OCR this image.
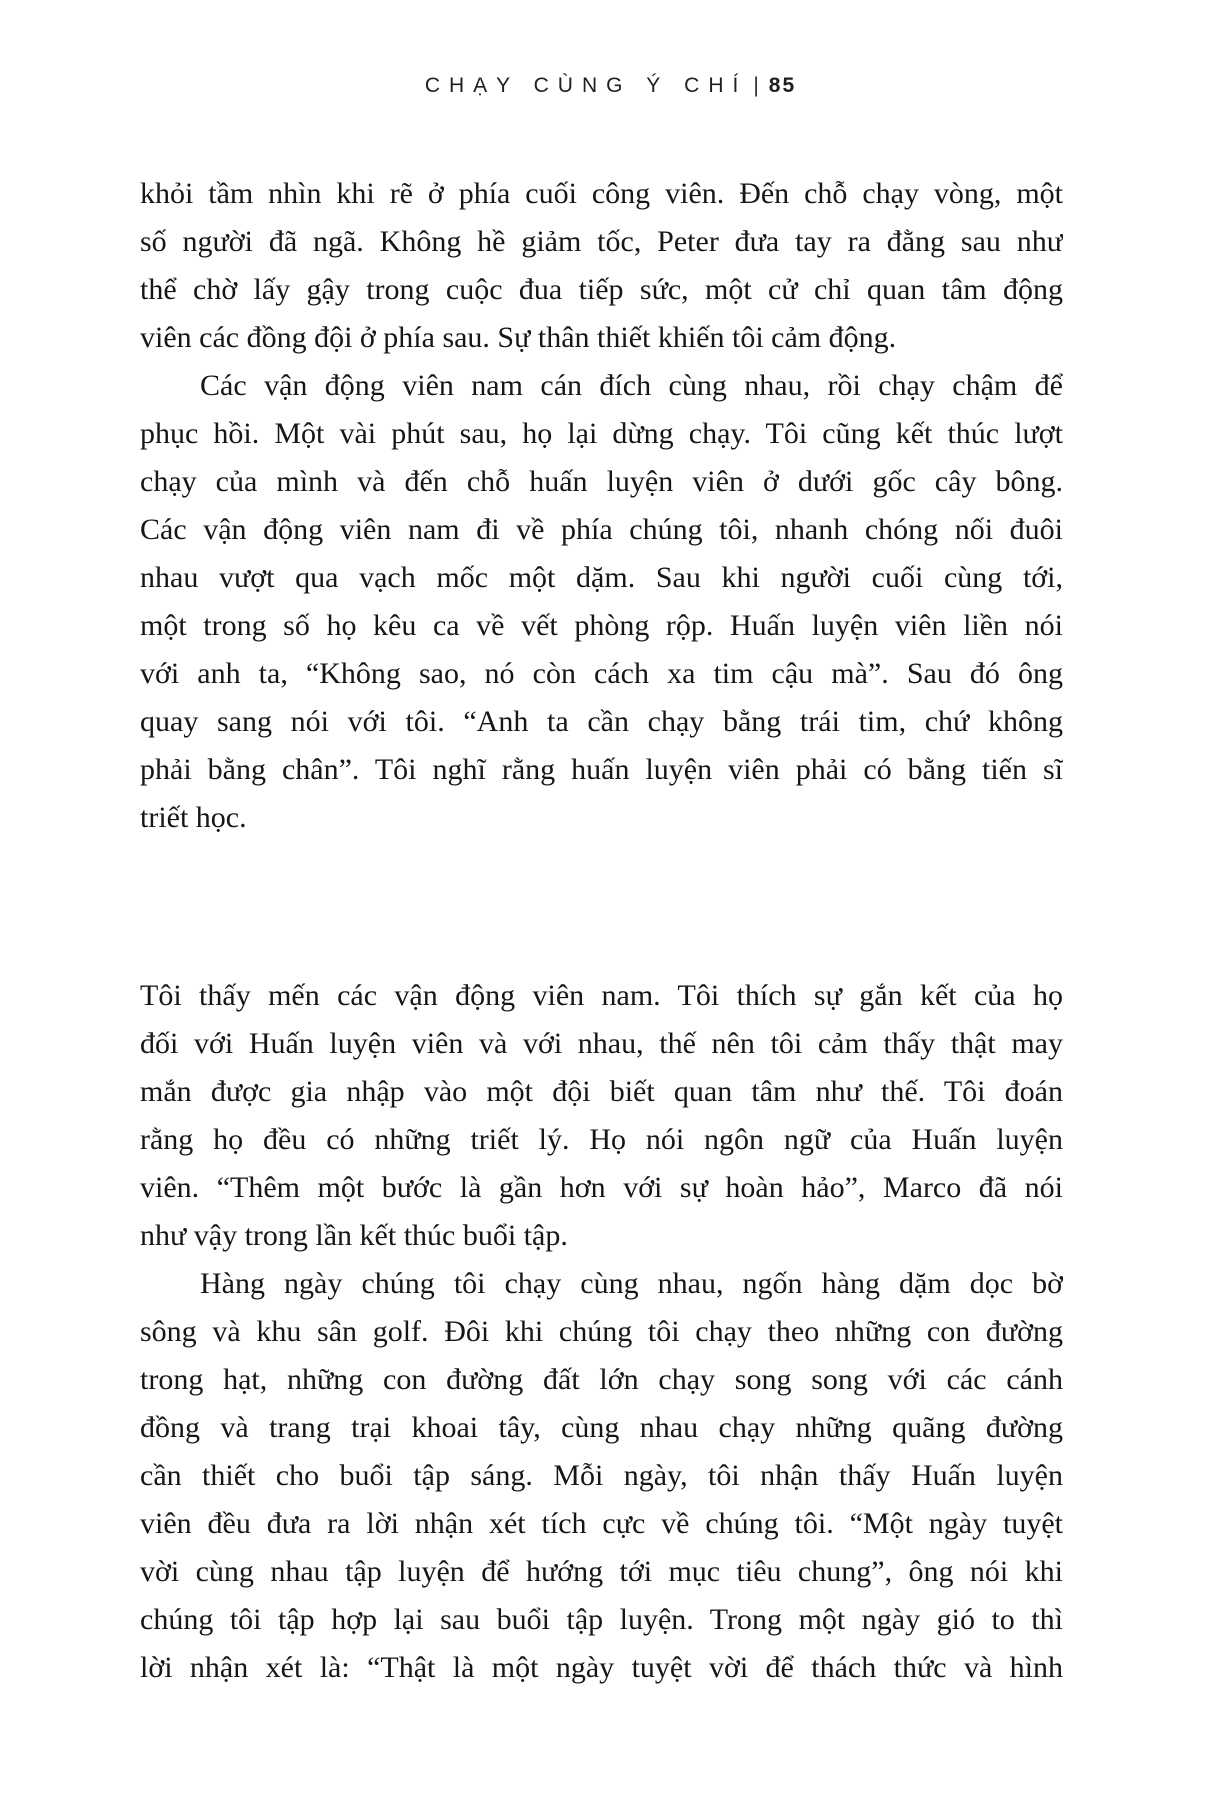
CHẠY CÙNG Ý CHÍ | 85
khỏi tầm nhìn khi rẽ ở phía cuối công viên. Đến chỗ chạy vòng, một
số người đã ngã. Không hề giảm tốc, Peter đưa tay ra đằng sau như
thể chờ lấy gậy trong cuộc đua tiếp sức, một cử chỉ quan tâm động
viên các đồng đội ở phía sau. Sự thân thiết khiến tôi cảm động.
Các vận động viên nam cán đích cùng nhau, rồi chạy chậm để
phục hồi. Một vài phút sau, họ lại dừng chạy. Tôi cũng kết thúc lượt
chạy của mình và đến chỗ huấn luyện viên ở dưới gốc cây bông.
Các vận động viên nam đi về phía chúng tôi, nhanh chóng nối đuôi
nhau vượt qua vạch mốc một dặm. Sau khi người cuối cùng tới,
một trong số họ kêu ca về vết phòng rộp. Huấn luyện viên liền nói
với anh ta, “Không sao, nó còn cách xa tim cậu mà”. Sau đó ông
quay sang nói với tôi. “Anh ta cần chạy bằng trái tim, chứ không
phải bằng chân”. Tôi nghĩ rằng huấn luyện viên phải có bằng tiến sĩ
triết học.
Tôi thấy mến các vận động viên nam. Tôi thích sự gắn kết của họ
đối với Huấn luyện viên và với nhau, thế nên tôi cảm thấy thật may
mắn được gia nhập vào một đội biết quan tâm như thế. Tôi đoán
rằng họ đều có những triết lý. Họ nói ngôn ngữ của Huấn luyện
viên. “Thêm một bước là gần hơn với sự hoàn hảo”, Marco đã nói
như vậy trong lần kết thúc buổi tập.
Hàng ngày chúng tôi chạy cùng nhau, ngốn hàng dặm dọc bờ
sông và khu sân golf. Đôi khi chúng tôi chạy theo những con đường
trong hạt, những con đường đất lớn chạy song song với các cánh
đồng và trang trại khoai tây, cùng nhau chạy những quãng đường
cần thiết cho buổi tập sáng. Mỗi ngày, tôi nhận thấy Huấn luyện
viên đều đưa ra lời nhận xét tích cực về chúng tôi. “Một ngày tuyệt
vời cùng nhau tập luyện để hướng tới mục tiêu chung”, ông nói khi
chúng tôi tập hợp lại sau buổi tập luyện. Trong một ngày gió to thì
lời nhận xét là: “Thật là một ngày tuyệt vời để thách thức và hình
